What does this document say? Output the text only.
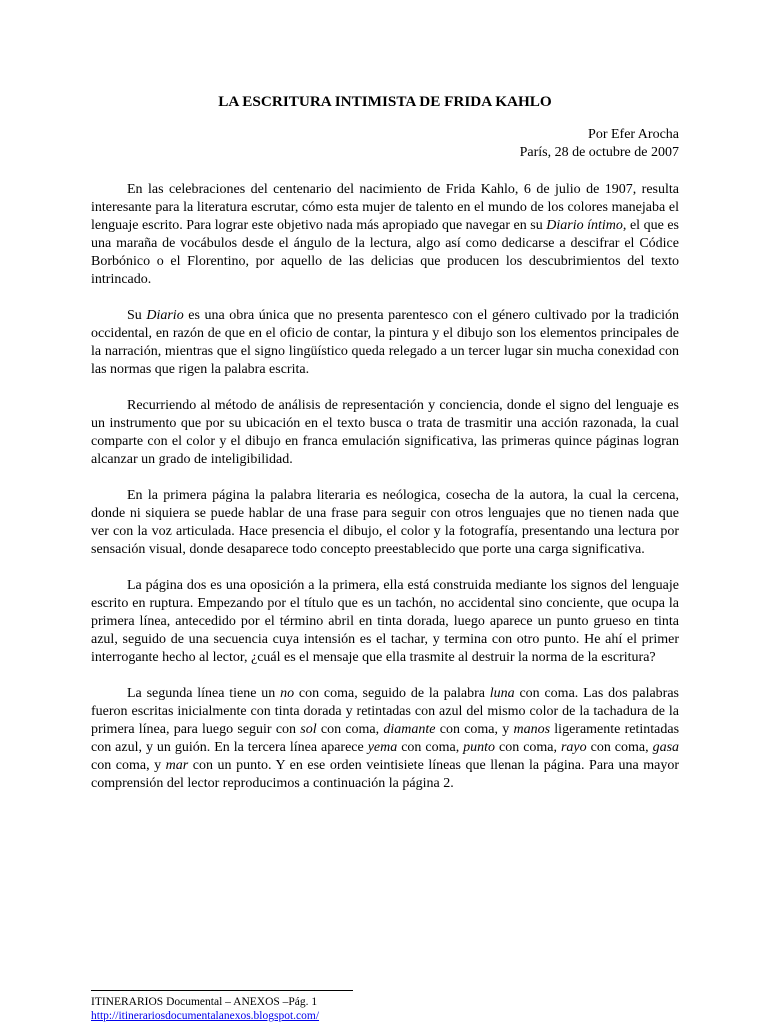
LA ESCRITURA INTIMISTA DE FRIDA KAHLO
Por Efer Arocha
París, 28 de octubre de 2007

En las celebraciones del centenario del nacimiento de Frida Kahlo, 6 de julio de 1907, resulta interesante para la literatura escrutar, cómo esta mujer de talento en el mundo de los colores manejaba el lenguaje escrito. Para lograr este objetivo nada más apropiado que navegar en su Diario íntimo, el que es una maraña de vocábulos desde el ángulo de la lectura, algo así como dedicarse a descifrar el Códice Borbónico o el Florentino, por aquello de las delicias que producen los descubrimientos del texto intrincado.

Su Diario es una obra única que no presenta parentesco con el género cultivado por la tradición occidental, en razón de que en el oficio de contar, la pintura y el dibujo son los elementos principales de la narración, mientras que el signo lingüístico queda relegado a un tercer lugar sin mucha conexidad con las normas que rigen la palabra escrita.

Recurriendo al método de análisis de representación y conciencia, donde el signo del lenguaje es un instrumento que por su ubicación en el texto busca o trata de trasmitir una acción razonada, la cual comparte con el color y el dibujo en franca emulación significativa, las primeras quince páginas logran alcanzar un grado de inteligibilidad.

En la primera página la palabra literaria es neólogica, cosecha de la autora, la cual la cercena, donde ni siquiera se puede hablar de una frase para seguir con otros lenguajes que no tienen nada que ver con la voz articulada. Hace presencia el dibujo, el color y la fotografía, presentando una lectura por sensación visual, donde desaparece todo concepto preestablecido que porte una carga significativa.

La página dos es una oposición a la primera, ella está construida mediante los signos del lenguaje escrito en ruptura. Empezando por el título que es un tachón, no accidental sino conciente, que ocupa la primera línea, antecedido por el término abril en tinta dorada, luego aparece un punto grueso en tinta azul, seguido de una secuencia cuya intensión es el tachar, y termina con otro punto. He ahí el primer interrogante hecho al lector, ¿cuál es el mensaje que ella trasmite al destruir la norma de la escritura?

La segunda línea tiene un no con coma, seguido de la palabra luna con coma. Las dos palabras fueron escritas inicialmente con tinta dorada y retintadas con azul del mismo color de la tachadura de la primera línea, para luego seguir con sol con coma, diamante con coma, y manos ligeramente retintadas con azul, y un guión. En la tercera línea aparece yema con coma, punto con coma, rayo con coma, gasa con coma, y mar con un punto. Y en ese orden veintisiete líneas que llenan la página. Para una mayor comprensión del lector reproducimos a continuación la página 2.

ITINERARIOS Documental – ANEXOS –Pág. 1
http://itinerariosdocumentalanexos.blogspot.com/
